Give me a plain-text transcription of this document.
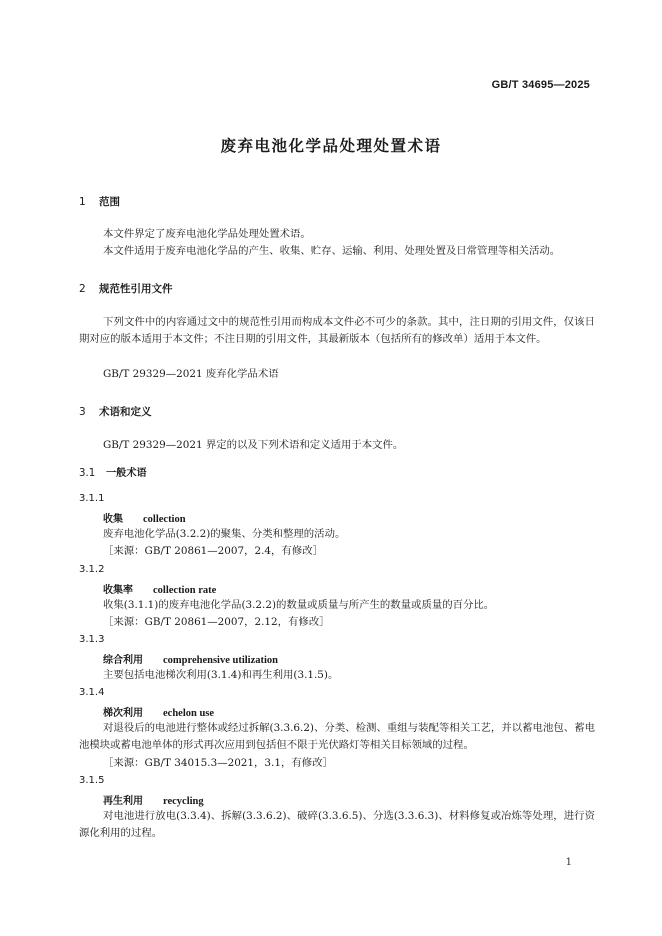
GB/T 34695—2025
废弃电池化学品处理处置术语
1 范围
本文件界定了废弃电池化学品处理处置术语。
本文件适用于废弃电池化学品的产生、收集、贮存、运输、利用、处理处置及日常管理等相关活动。
2 规范性引用文件
下列文件中的内容通过文中的规范性引用而构成本文件必不可少的条款。其中，注日期的引用文件，仅该日期对应的版本适用于本文件；不注日期的引用文件，其最新版本（包括所有的修改单）适用于本文件。
GB/T 29329—2021 废弃化学品术语
3 术语和定义
GB/T 29329—2021 界定的以及下列术语和定义适用于本文件。
3.1 一般术语
3.1.1
收集 collection
废弃电池化学品(3.2.2)的聚集、分类和整理的活动。
［来源：GB/T 20861—2007，2.4，有修改］
3.1.2
收集率 collection rate
收集(3.1.1)的废弃电池化学品(3.2.2)的数量或质量与所产生的数量或质量的百分比。
［来源：GB/T 20861—2007，2.12，有修改］
3.1.3
综合利用 comprehensive utilization
主要包括电池梯次利用(3.1.4)和再生利用(3.1.5)。
3.1.4
梯次利用 echelon use
对退役后的电池进行整体或经过拆解(3.3.6.2)、分类、检测、重组与装配等相关工艺，并以蓄电池包、蓄电池模块或蓄电池单体的形式再次应用到包括但不限于光伏路灯等相关目标领域的过程。
［来源：GB/T 34015.3—2021，3.1，有修改］
3.1.5
再生利用 recycling
对电池进行放电(3.3.4)、拆解(3.3.6.2)、破碎(3.3.6.5)、分选(3.3.6.3)、材料修复或冶炼等处理，进行资源化利用的过程。
1
